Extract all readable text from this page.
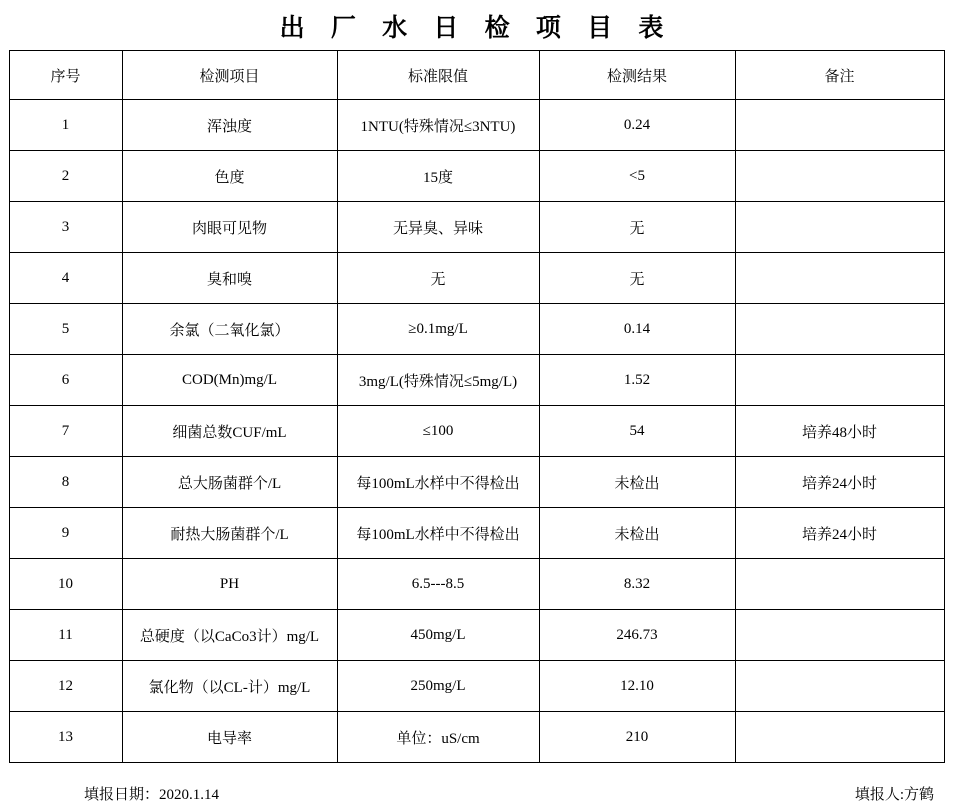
出 厂 水 日 检 项 目 表
序号	检测项目	标准限值	检测结果	备注
1	浑浊度	1NTU(特殊情况≤3NTU)	0.24	
2	色度	15度	<5	
3	肉眼可见物	无异臭、异味	无	
4	臭和嗅	无	无	
5	余氯（二氧化氯）	≥0.1mg/L	0.14	
6	COD(Mn)mg/L	3mg/L(特殊情况≤5mg/L)	1.52	
7	细菌总数CUF/mL	≤100	54	培养48小时
8	总大肠菌群个/L	每100mL水样中不得检出	未检出	培养24小时
9	耐热大肠菌群个/L	每100mL水样中不得检出	未检出	培养24小时
10	PH	6.5---8.5	8.32	
11	总硬度（以CaCo3计）mg/L	450mg/L	246.73	
12	氯化物（以CL-计）mg/L	250mg/L	12.10	
13	电导率	单位：uS/cm	210	
填报日期：2020.1.14	填报人:方鹤
